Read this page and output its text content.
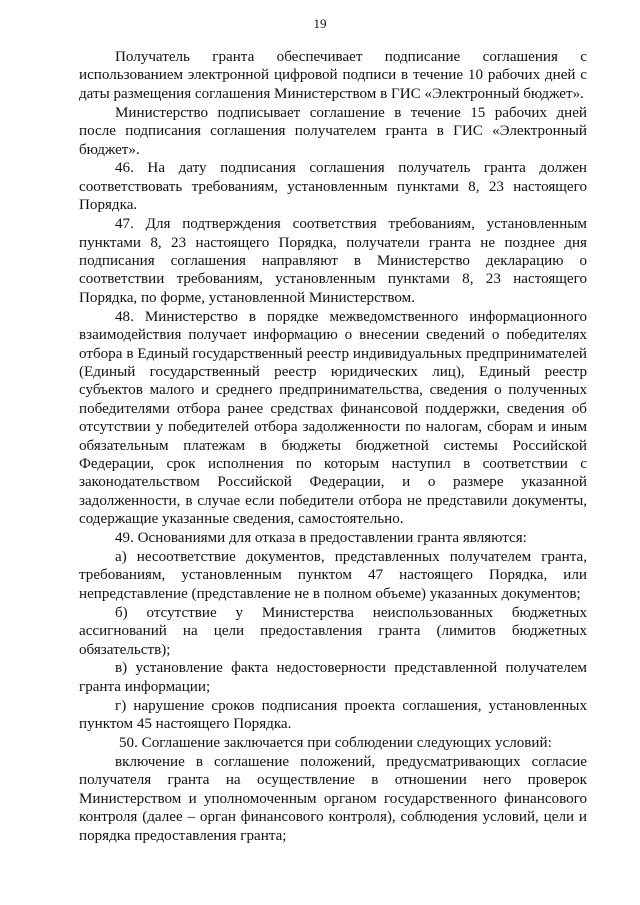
19

Получатель гранта обеспечивает подписание соглашения с использованием электронной цифровой подписи в течение 10 рабочих дней с даты размещения соглашения Министерством в ГИС «Электронный бюджет».

Министерство подписывает соглашение в течение 15 рабочих дней после подписания соглашения получателем гранта в ГИС «Электронный бюджет».

46. На дату подписания соглашения получатель гранта должен соответствовать требованиям, установленным пунктами 8, 23 настоящего Порядка.

47. Для подтверждения соответствия требованиям, установленным пунктами 8, 23 настоящего Порядка, получатели гранта не позднее дня подписания соглашения направляют в Министерство декларацию о соответствии требованиям, установленным пунктами 8, 23 настоящего Порядка, по форме, установленной Министерством.

48. Министерство в порядке межведомственного информационного взаимодействия получает информацию о внесении сведений о победителях отбора в Единый государственный реестр индивидуальных предпринимателей (Единый государственный реестр юридических лиц), Единый реестр субъектов малого и среднего предпринимательства, сведения о полученных победителями отбора ранее средствах финансовой поддержки, сведения об отсутствии у победителей отбора задолженности по налогам, сборам и иным обязательным платежам в бюджеты бюджетной системы Российской Федерации, срок исполнения по которым наступил в соответствии с законодательством Российской Федерации, и о размере указанной задолженности, в случае если победители отбора не представили документы, содержащие указанные сведения, самостоятельно.

49. Основаниями для отказа в предоставлении гранта являются:

а) несоответствие документов, представленных получателем гранта, требованиям, установленным пунктом 47 настоящего Порядка, или непредставление (представление не в полном объеме) указанных документов;

б) отсутствие у Министерства неиспользованных бюджетных ассигнований на цели предоставления гранта (лимитов бюджетных обязательств);

в) установление факта недостоверности представленной получателем гранта информации;

г) нарушение сроков подписания проекта соглашения, установленных пунктом 45 настоящего Порядка.

50. Соглашение заключается при соблюдении следующих условий:

включение в соглашение положений, предусматривающих согласие получателя гранта на осуществление в отношении него проверок Министерством и уполномоченным органом государственного финансового контроля (далее – орган финансового контроля), соблюдения условий, цели и порядка предоставления гранта;
